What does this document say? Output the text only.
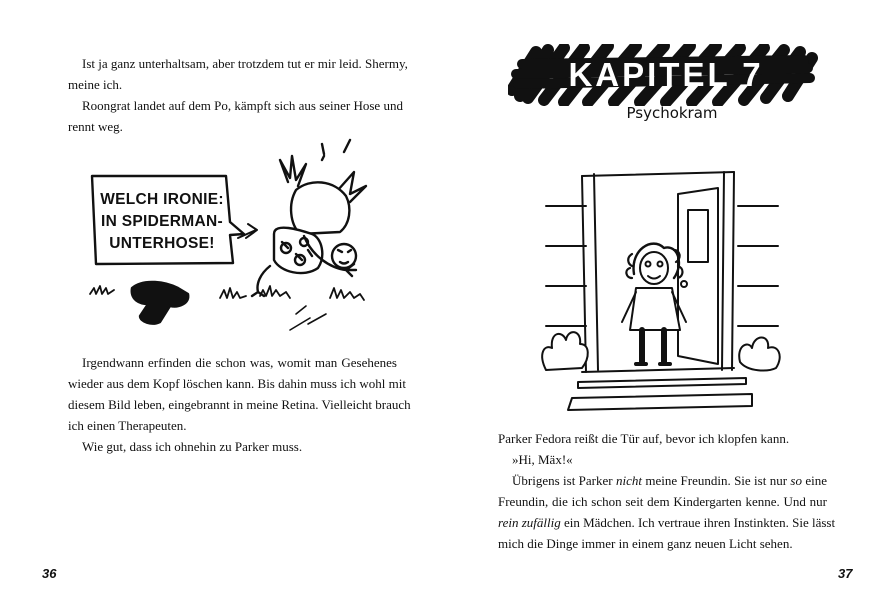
Ist ja ganz unterhaltsam, aber trotzdem tut er mir leid. Shermy,
meine ich.

Roongrat landet auf dem Po, kämpft sich aus seiner Hose und
rennt weg.

WELCH IRONIE:
IN SPIDERMAN-
UNTERHOSE!

Irgendwann erfinden die schon was, womit man Gesehenes
wieder aus dem Kopf löschen kann. Bis dahin muss ich wohl mit
diesem Bild leben, eingebrannt in meine Retina. Vielleicht brauch
ich einen Therapeuten.

Wie gut, dass ich ohnehin zu Parker muss.

36
KAPITEL 7
Psychokram

Parker Fedora reißt die Tür auf, bevor ich klopfen kann.

»Hi, Mäx!«

Übrigens ist Parker nicht meine Freundin. Sie ist nur so eine
Freundin, die ich schon seit dem Kindergarten kenne. Und nur
rein zufällig ein Mädchen. Ich vertraue ihren Instinkten. Sie lässt
mich die Dinge immer in einem ganz neuen Licht sehen.

37
